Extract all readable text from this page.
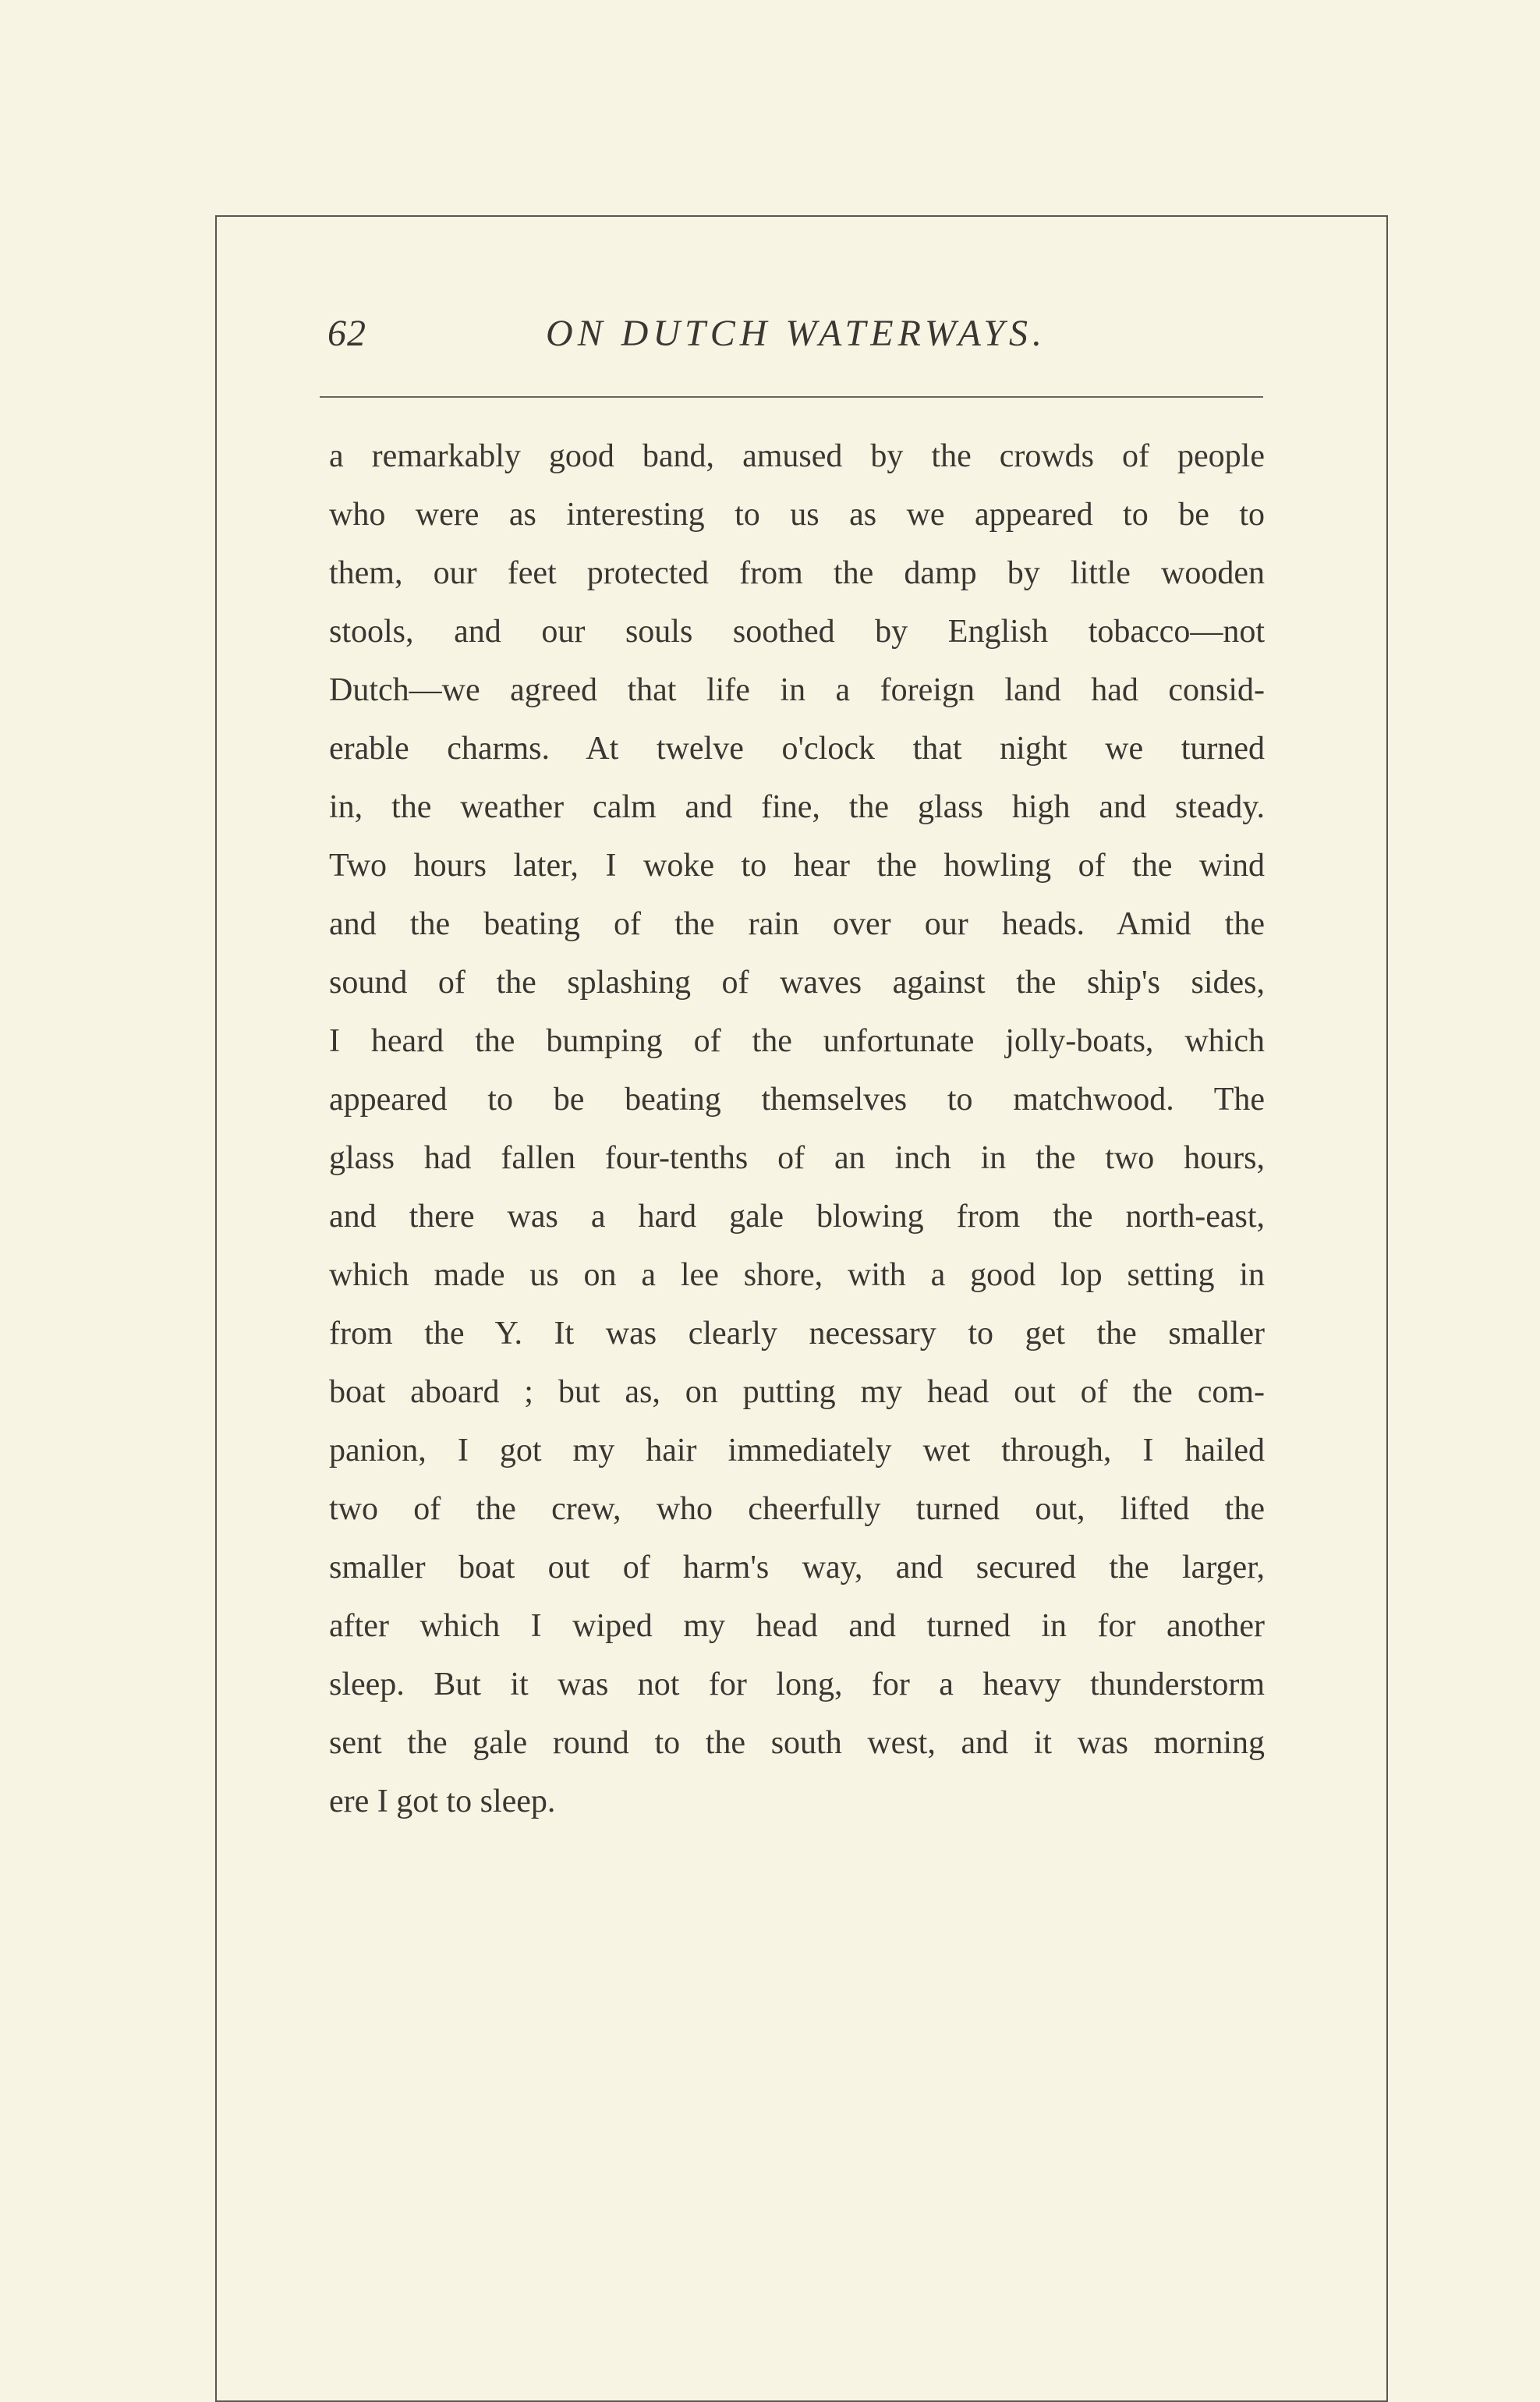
62	ON DUTCH WATERWAYS.
a remarkably good band, amused by the crowds of people
who were as interesting to us as we appeared to be to
them, our feet protected from the damp by little wooden
stools, and our souls soothed by English tobacco—not
Dutch—we agreed that life in a foreign land had consid-
erable charms. At twelve o'clock that night we turned
in, the weather calm and fine, the glass high and steady.
Two hours later, I woke to hear the howling of the wind
and the beating of the rain over our heads. Amid the
sound of the splashing of waves against the ship's sides,
I heard the bumping of the unfortunate jolly-boats, which
appeared to be beating themselves to matchwood. The
glass had fallen four-tenths of an inch in the two hours,
and there was a hard gale blowing from the north-east,
which made us on a lee shore, with a good lop setting in
from the Y. It was clearly necessary to get the smaller
boat aboard ; but as, on putting my head out of the com-
panion, I got my hair immediately wet through, I hailed
two of the crew, who cheerfully turned out, lifted the
smaller boat out of harm's way, and secured the larger,
after which I wiped my head and turned in for another
sleep. But it was not for long, for a heavy thunderstorm
sent the gale round to the south west, and it was morning
ere I got to sleep.
